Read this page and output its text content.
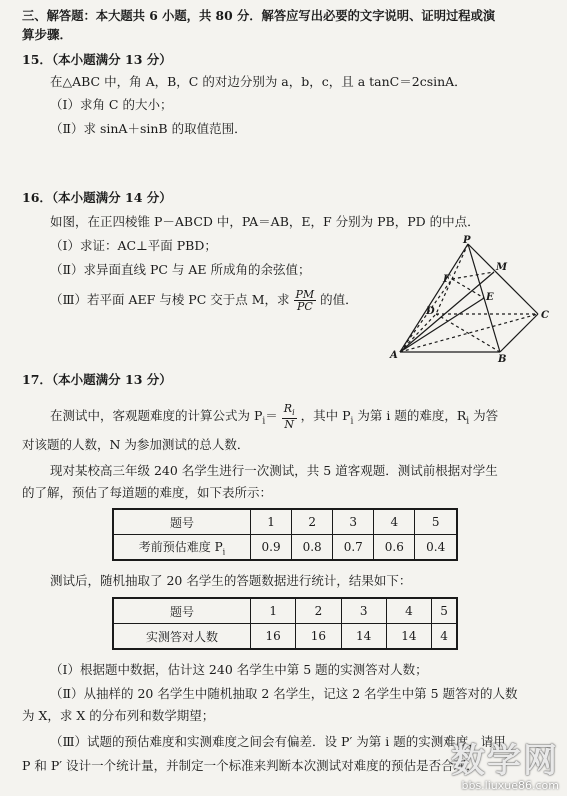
三、解答题：本大题共 6 小题，共 80 分．解答应写出必要的文字说明、证明过程或演
算步骤．
15．（本小题满分 13 分）
在△ABC 中，角 A，B，C 的对边分别为 a，b，c，且 a tanC＝2csinA．
（Ⅰ）求角 C 的大小；
（Ⅱ）求 sinA＋sinB 的取值范围．
16．（本小题满分 14 分）
如图，在正四棱锥 P－ABCD 中，PA＝AB，E，F 分别为 PB，PD 的中点．
（Ⅰ）求证：AC⊥平面 PBD；
（Ⅱ）求异面直线 PC 与 AE 所成角的余弦值；
（Ⅲ）若平面 AEF 与棱 PC 交于点 M，求 $\frac{PM}{PC}$ 的值．
P
M
F
E
D	C
A	B
17．（本小题满分 13 分）
在测试中，客观题难度的计算公式为 $P_i= \frac{R_i}{N}$ ，其中 $P_i$ 为第 i 题的难度，$R_i$ 为答
对该题的人数，N 为参加测试的总人数．
现对某校高三年级 240 名学生进行一次测试，共 5 道客观题．测试前根据对学生
的了解，预估了每道题的难度，如下表所示：
题号	1	2	3	4	5
考前预估难度 $P_i$	0.9	0.8	0.7	0.6	0.4
测试后，随机抽取了 20 名学生的答题数据进行统计，结果如下：
题号	1	2	3	4	5
实测答对人数	16	16	14	14	4
（Ⅰ）根据题中数据，估计这 240 名学生中第 5 题的实测答对人数；
（Ⅱ）从抽样的 20 名学生中随机抽取 2 名学生，记这 2 名学生中第 5 题答对的人数
为 X，求 X 的分布列和数学期望；
（Ⅲ）试题的预估难度和实测难度之间会有偏差．设 P′ 为第 i 题的实测难度，请用
P 和 P′ 设计一个统计量，并制定一个标准来判断本次测试对难度的预估是否合理．
数学网
bbs.liuxue86.com
